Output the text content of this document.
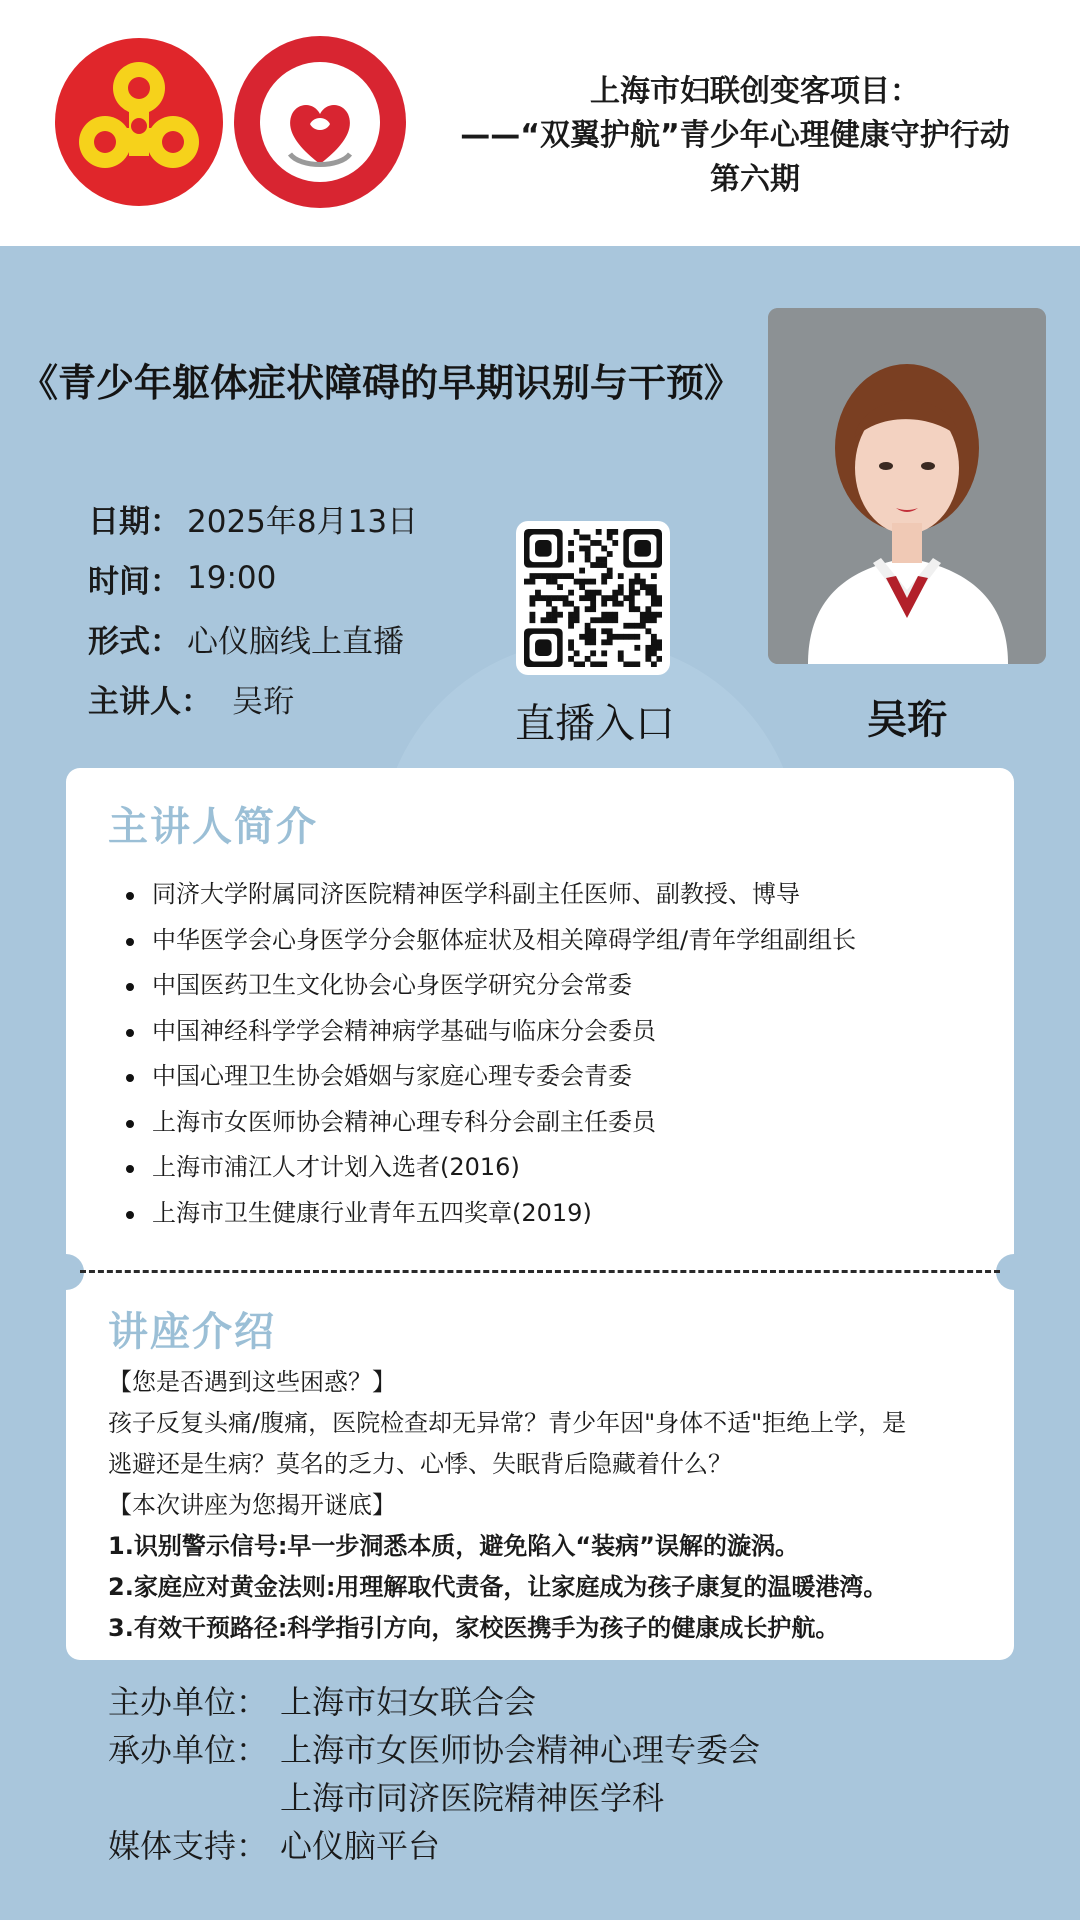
上海市妇联创变客项目：
——“双翼护航”青少年心理健康守护行动
第六期
《青少年躯体症状障碍的早期识别与干预》
吴珩
日期： 2025年8月13日
时间： 19:00
形式： 心仪脑线上直播
主讲人： 吴珩	直播入口
主讲人简介
同济大学附属同济医院精神医学科副主任医师、副教授、博导
中华医学会心身医学分会躯体症状及相关障碍学组/青年学组副组长
中国医药卫生文化协会心身医学研究分会常委
中国神经科学学会精神病学基础与临床分会委员
中国心理卫生协会婚姻与家庭心理专委会青委
上海市女医师协会精神心理专科分会副主任委员
上海市浦江人才计划入选者(2016)
上海市卫生健康行业青年五四奖章(2019)
讲座介绍

【您是否遇到这些困惑？】

孩子反复头痛/腹痛，医院检查却无异常？青少年因"身体不适"拒绝上学，是

逃避还是生病？莫名的乏力、心悸、失眠背后隐藏着什么？

【本次讲座为您揭开谜底】

1.识别警示信号:早一步洞悉本质，避免陷入“装病”误解的漩涡。

2.家庭应对黄金法则:用理解取代责备，让家庭成为孩子康复的温暖港湾。

3.有效干预路径:科学指引方向，家校医携手为孩子的健康成长护航。

主办单位： 上海市妇女联合会
承办单位： 上海市女医师协会精神心理专委会
上海市同济医院精神医学科
媒体支持： 心仪脑平台
